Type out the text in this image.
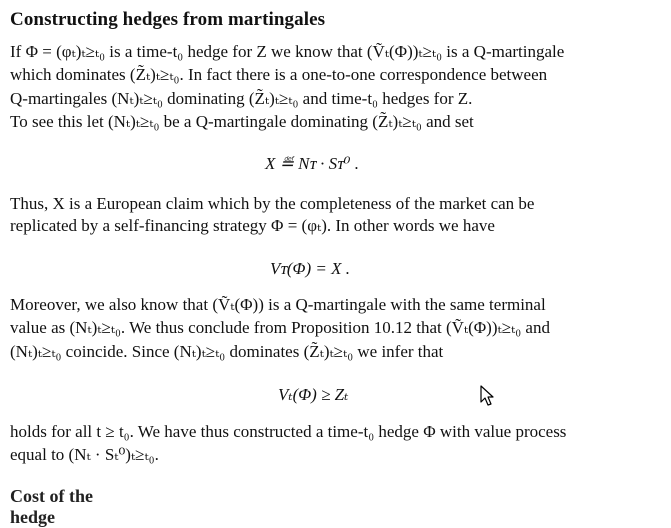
Constructing hedges from martingales
If Φ = (φₜ)ₜ≥ₜ₀ is a time-t₀ hedge for Z we know that (Ṽₜ(Φ))ₜ≥ₜ₀ is a Q-martingale
which dominates (Z̃ₜ)ₜ≥ₜ₀. In fact there is a one-to-one correspondence between
Q-martingales (Nₜ)ₜ≥ₜ₀ dominating (Z̃ₜ)ₜ≥ₜ₀ and time-t₀ hedges for Z.
To see this let (Nₜ)ₜ≥ₜ₀ be a Q-martingale dominating (Z̃ₜ)ₜ≥ₜ₀ and set
X ≝ Nᴛ · Sᴛ⁰ .
Thus, X is a European claim which by the completeness of the market can be
replicated by a self-financing strategy Φ = (φₜ). In other words we have
Vᴛ(Φ) = X .
Moreover, we also know that (Ṽₜ(Φ)) is a Q-martingale with the same terminal
value as (Nₜ)ₜ≥ₜ₀. We thus conclude from Proposition 10.12 that (Ṽₜ(Φ))ₜ≥ₜ₀ and
(Nₜ)ₜ≥ₜ₀ coincide. Since (Nₜ)ₜ≥ₜ₀ dominates (Z̃ₜ)ₜ≥ₜ₀ we infer that
Vₜ(Φ) ≥ Zₜ
holds for all t ≥ t₀. We have thus constructed a time-t₀ hedge Φ with value process
equal to (Nₜ · Sₜ⁰)ₜ≥ₜ₀.
Cost of the hedge
